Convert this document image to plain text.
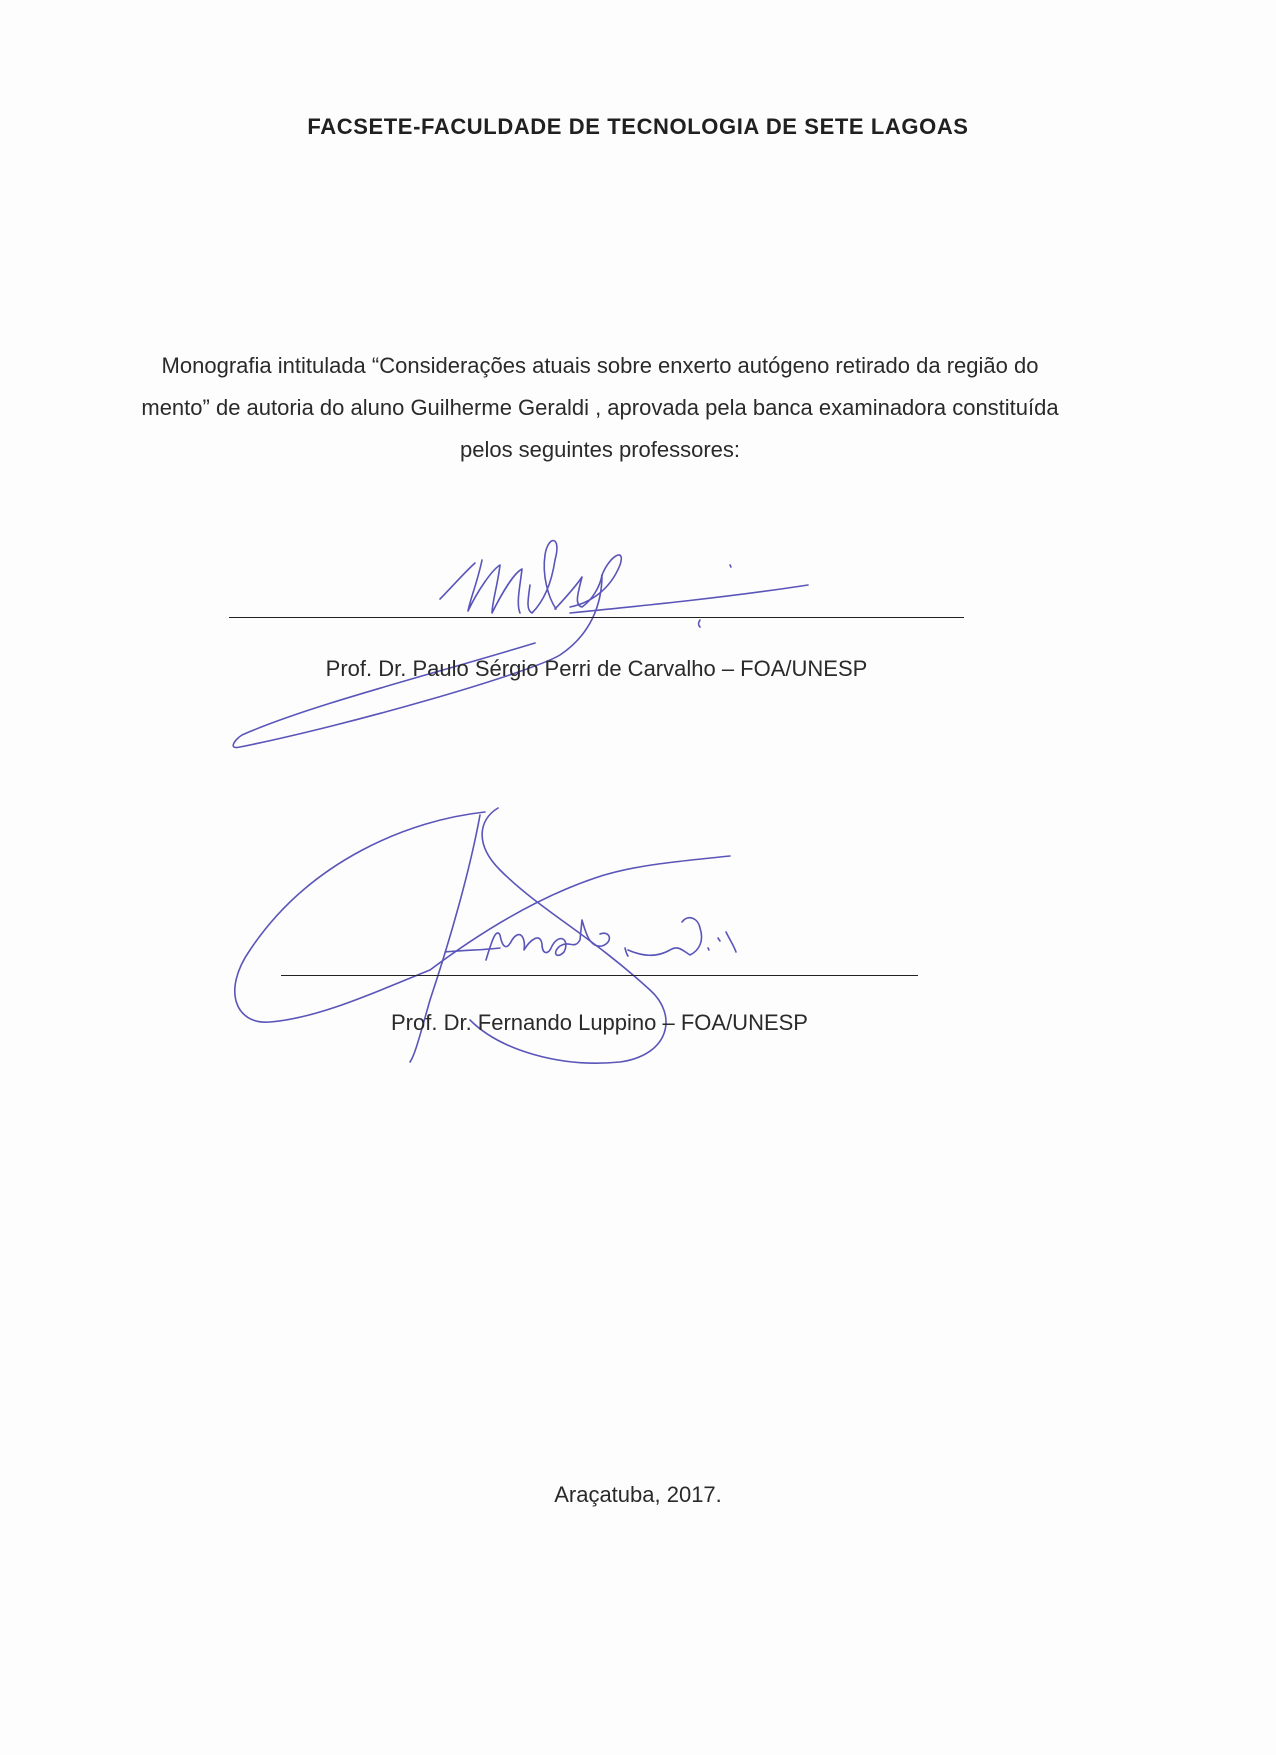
FACSETE-FACULDADE DE TECNOLOGIA DE SETE LAGOAS
Monografia intitulada “Considerações atuais sobre enxerto autógeno retirado da região do mento” de autoria do aluno Guilherme Geraldi , aprovada pela banca examinadora constituída pelos seguintes professores:
Prof. Dr. Paulo Sérgio Perri de Carvalho – FOA/UNESP
Prof. Dr. Fernando Luppino – FOA/UNESP
Araçatuba, 2017.
